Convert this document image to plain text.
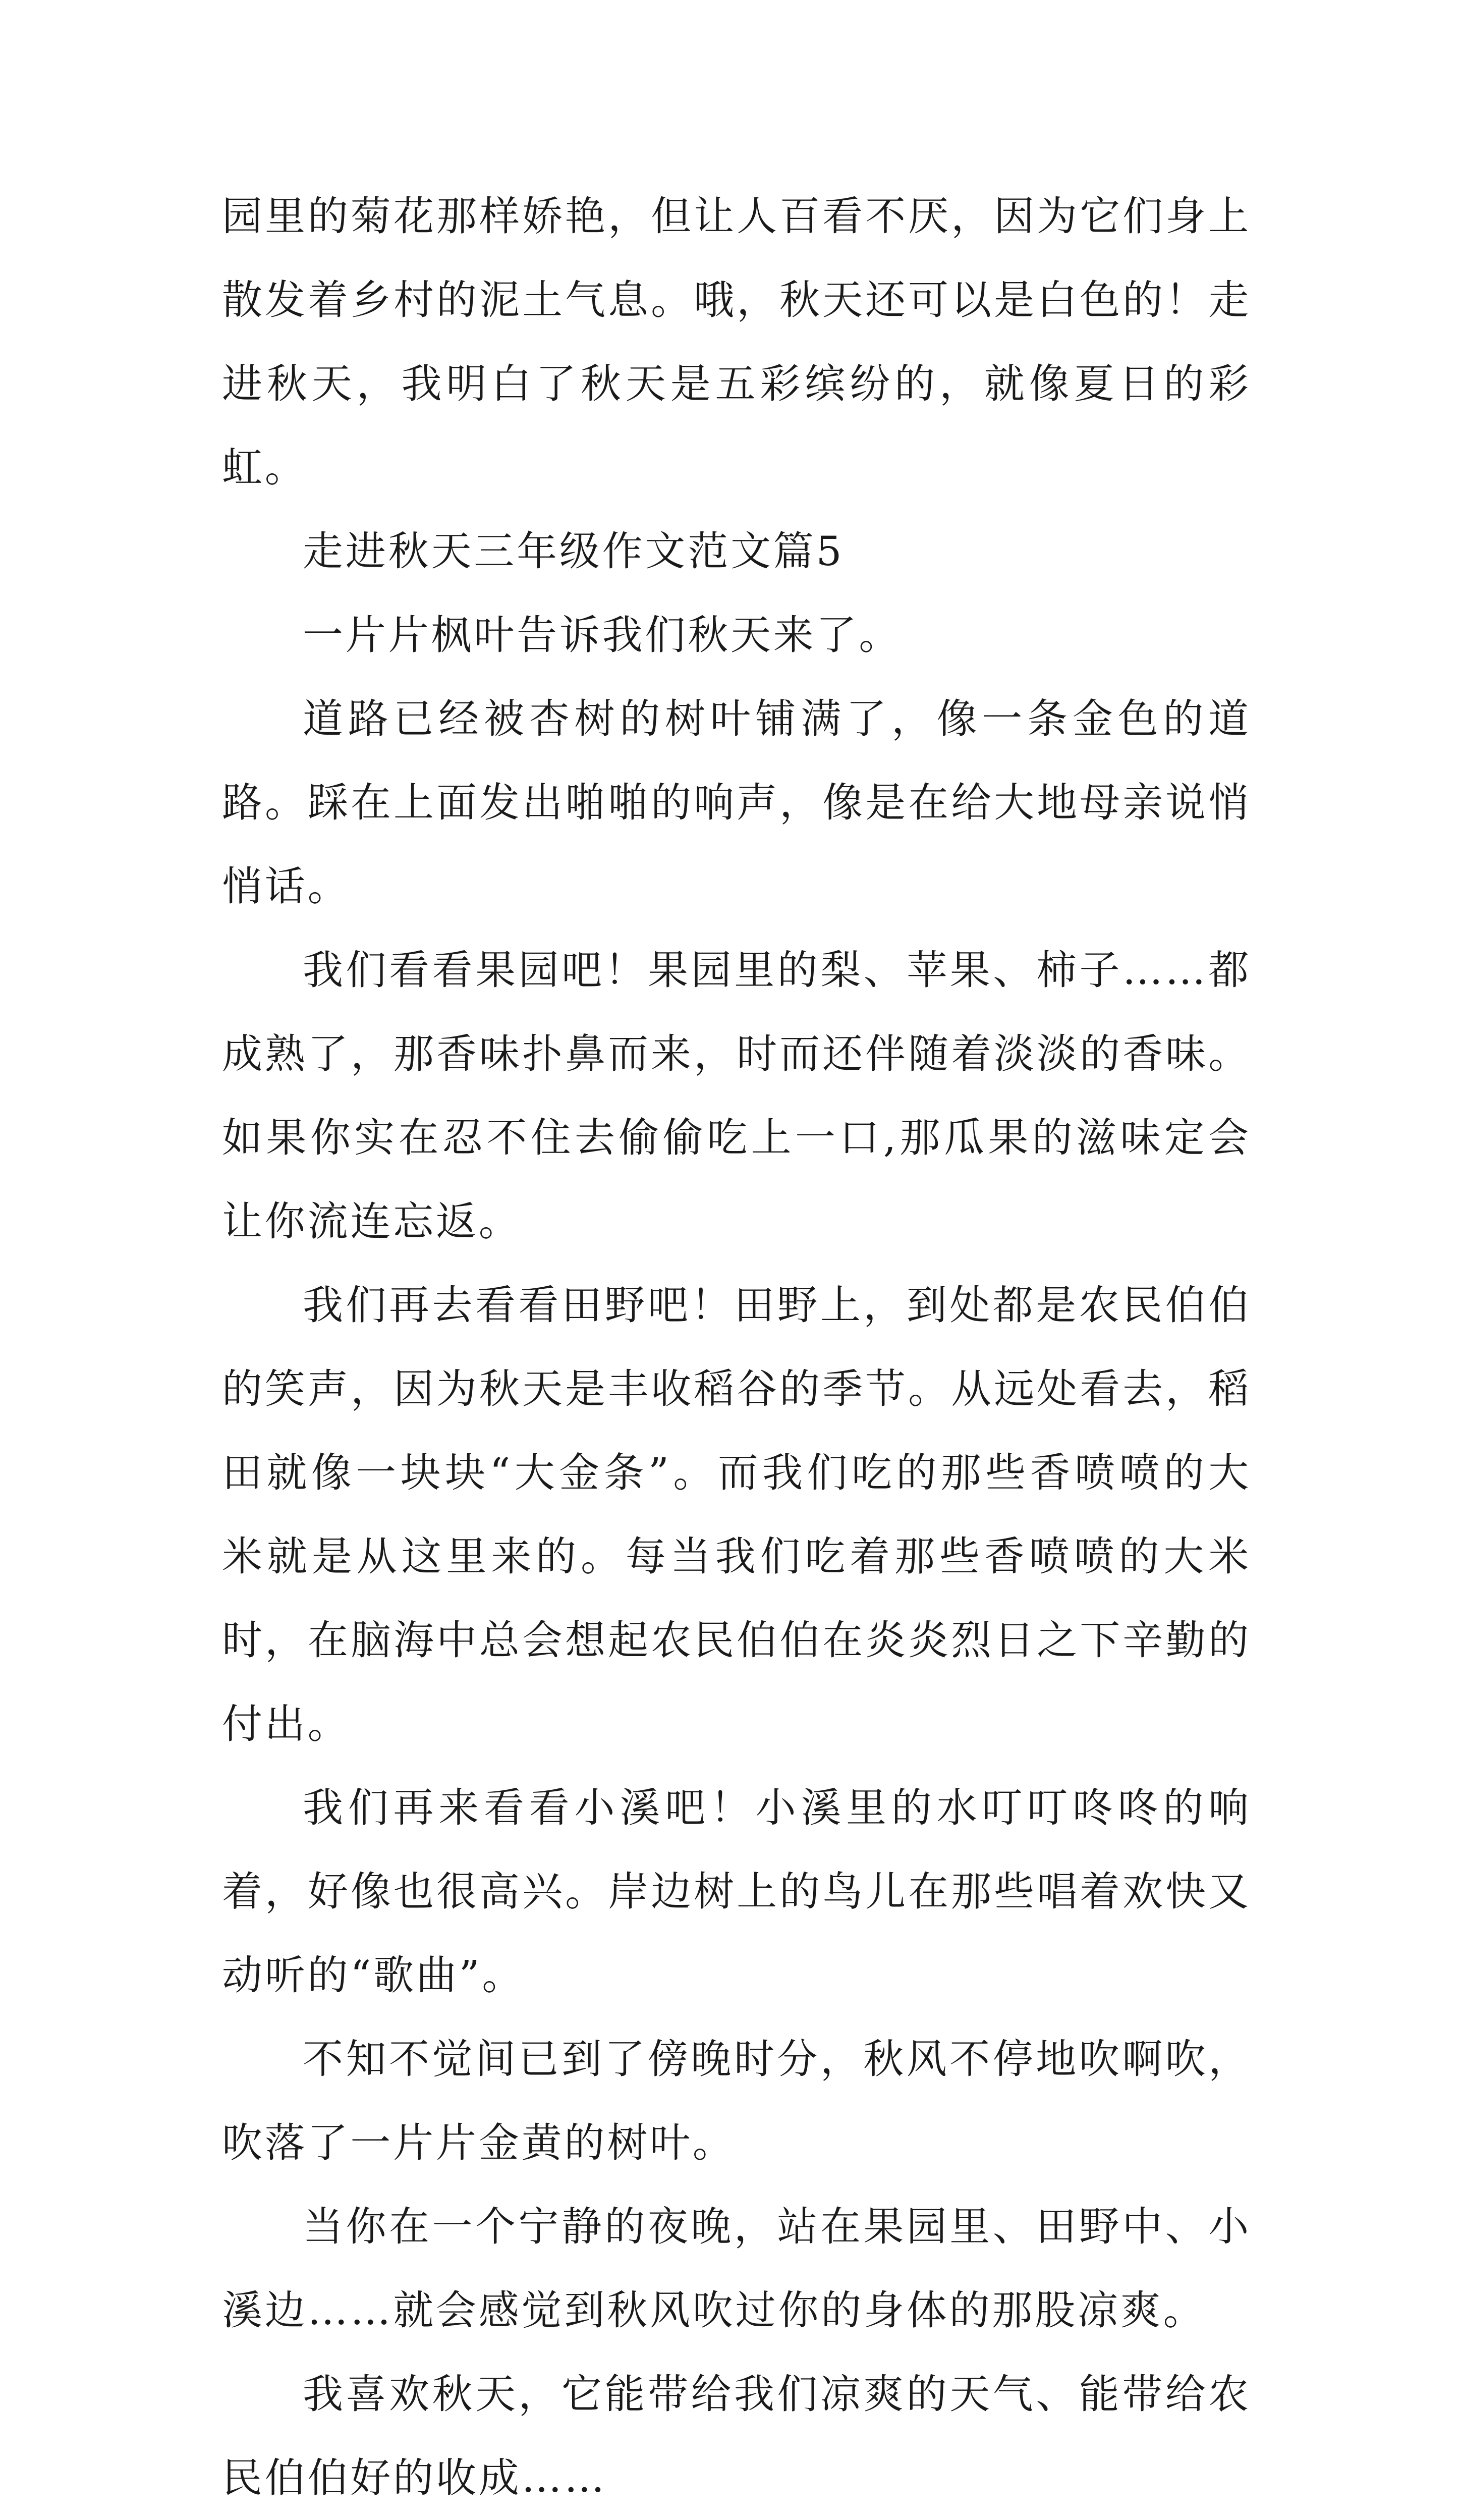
园里的菊花那样娇艳，但让人百看不厌，因为它们身上散发着乡村的泥土气息。哦，秋天还可以是白色的！走进秋天，我明白了秋天是五彩缤纷的，就像夏日的彩虹。

走进秋天三年级作文范文篇5

一片片枫叶告诉我们秋天来了。

道路已经被杏树的树叶铺满了，像一条金色的道路。踩在上面发出啪啪的响声，像是在给大地母亲说悄悄话。

我们看看果园吧！果园里的梨、苹果、柿子……都成熟了，那香味扑鼻而来，时而还伴随着淡淡的香味。如果你实在忍不住去偷偷吃上一口,那瓜果的滋味定会让你流连忘返。

我们再去看看田野吧！田野上，到处都是农民伯伯的笑声，因为秋天是丰收稻谷的季节。从远处看去，稻田就像一块块“大金条”。而我们吃的那些香喷喷的大米就是从这里来的。每当我们吃着那些香喷喷的大米时，在脑海中总会想起农民伯伯在炎炎烈日之下辛勤的付出。

我们再来看看小溪吧！小溪里的水叮叮咚咚的响着，好像也很高兴。岸边树上的鸟儿在那些唱着欢快又动听的“歌曲”。

不知不觉间已到了傍晚时分，秋风不停地吹啊吹，吹落了一片片金黄的树叶。

当你在一个宁静的夜晚，站在果园里、田野中、小溪边……就会感觉到秋风吹过你的身体的那股凉爽。

我喜欢秋天，它能带给我们凉爽的天气、能带给农民伯伯好的收成……
